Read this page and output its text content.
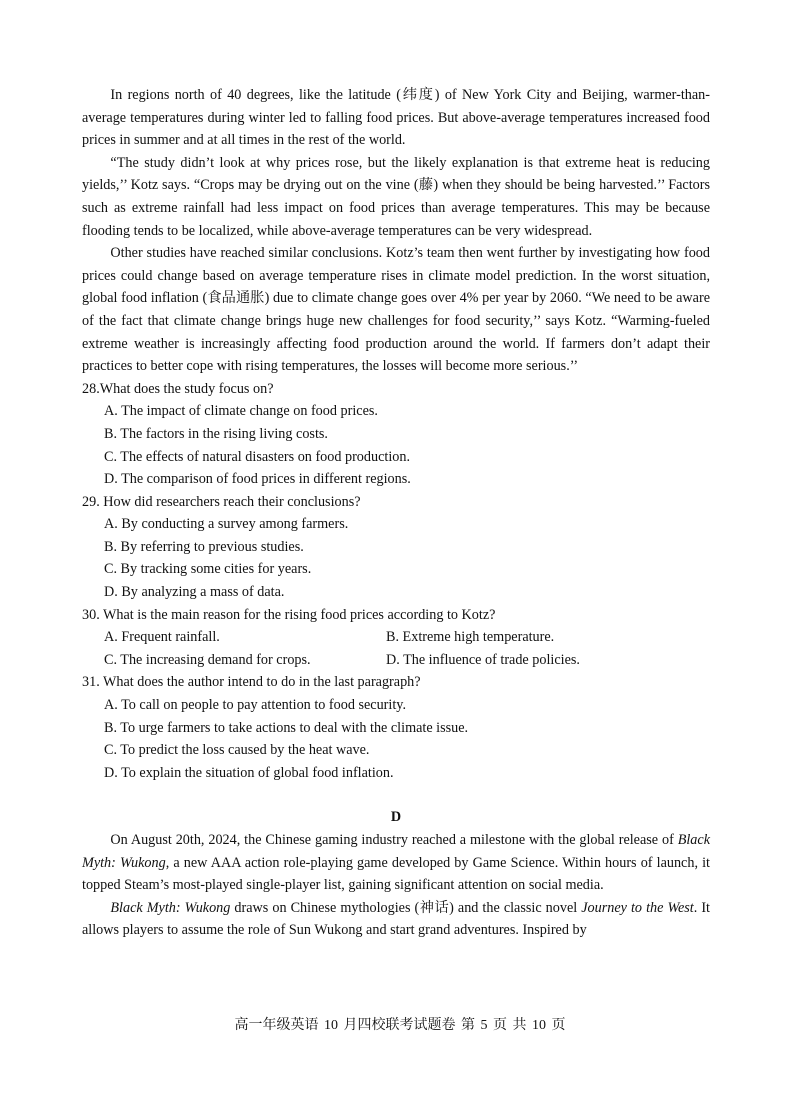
In regions north of 40 degrees, like the latitude (纬度) of New York City and Beijing, warmer-than-average temperatures during winter led to falling food prices. But above-average temperatures increased food prices in summer and at all times in the rest of the world.

“The study didn’t look at why prices rose, but the likely explanation is that extreme heat is reducing yields,’’ Kotz says. “Crops may be drying out on the vine (藤) when they should be being harvested.’’ Factors such as extreme rainfall had less impact on food prices than average temperatures. This may be because flooding tends to be localized, while above-average temperatures can be very widespread.

Other studies have reached similar conclusions. Kotz’s team then went further by investigating how food prices could change based on average temperature rises in climate model prediction. In the worst situation, global food inflation (食品通胀) due to climate change goes over 4% per year by 2060. “We need to be aware of the fact that climate change brings huge new challenges for food security,’’ says Kotz. “Warming-fueled extreme weather is increasingly affecting food production around the world. If farmers don’t adapt their practices to better cope with rising temperatures, the losses will become more serious.’’

28.What does the study focus on?

A. The impact of climate change on food prices.

B. The factors in the rising living costs.

C. The effects of natural disasters on food production.

D. The comparison of food prices in different regions.

29. How did researchers reach their conclusions?

A. By conducting a survey among farmers.

B. By referring to previous studies.

C. By tracking some cities for years.

D. By analyzing a mass of data.

30. What is the main reason for the rising food prices according to Kotz?

A. Frequent rainfall.	B. Extreme high temperature.

C. The increasing demand for crops.	D. The influence of trade policies.

31. What does the author intend to do in the last paragraph?

A. To call on people to pay attention to food security.

B. To urge farmers to take actions to deal with the climate issue.

C. To predict the loss caused by the heat wave.

D. To explain the situation of global food inflation.

D

On August 20th, 2024, the Chinese gaming industry reached a milestone with the global release of Black Myth: Wukong, a new AAA action role-playing game developed by Game Science. Within hours of launch, it topped Steam’s most-played single-player list, gaining significant attention on social media.

Black Myth: Wukong draws on Chinese mythologies (神话) and the classic novel Journey to the West. It allows players to assume the role of Sun Wukong and start grand adventures. Inspired by

高一年级英语 10 月四校联考试题卷 第 5 页 共 10 页
